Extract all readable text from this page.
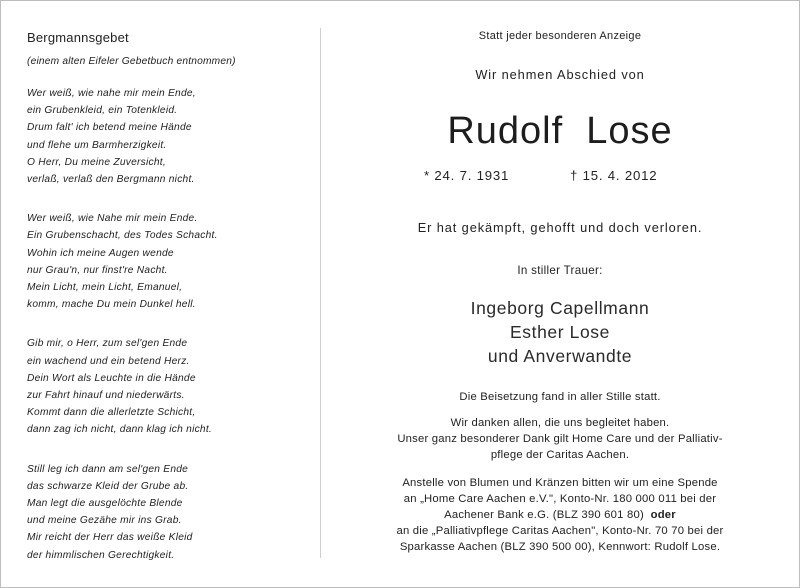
Bergmannsgebet
(einem alten Eifeler Gebetbuch entnommen)
Wer weiß, wie nahe mir mein Ende,
ein Grubenkleid, ein Totenkleid.
Drum falt' ich betend meine Hände
und flehe um Barmherzigkeit.
O Herr, Du meine Zuversicht,
verlaß, verlaß den Bergmann nicht.
Wer weiß, wie Nahe mir mein Ende.
Ein Grubenschacht, des Todes Schacht.
Wohin ich meine Augen wende
nur Grau'n, nur finst're Nacht.
Mein Licht, mein Licht, Emanuel,
komm, mache Du mein Dunkel hell.
Gib mir, o Herr, zum sel'gen Ende
ein wachend und ein betend Herz.
Dein Wort als Leuchte in die Hände
zur Fahrt hinauf und niederwärts.
Kommt dann die allerletzte Schicht,
dann zag ich nicht, dann klag ich nicht.
Still leg ich dann am sel'gen Ende
das schwarze Kleid der Grube ab.
Man legt die ausgelöchte Blende
und meine Gezähe mir ins Grab.
Mir reicht der Herr das weiße Kleid
der himmlischen Gerechtigkeit.
Statt jeder besonderen Anzeige
Wir nehmen Abschied von
Rudolf  Lose
* 24. 7. 1931	† 15. 4. 2012
Er hat gekämpft, gehofft und doch verloren.
In stiller Trauer:
Ingeborg Capellmann
Esther Lose
und Anverwandte
Die Beisetzung fand in aller Stille statt.
Wir danken allen, die uns begleitet haben.
Unser ganz besonderer Dank gilt Home Care und der Palliativ-
pflege der Caritas Aachen.
Anstelle von Blumen und Kränzen bitten wir um eine Spende
an „Home Care Aachen e.V.", Konto-Nr. 180 000 011 bei der
Aachener Bank e.G. (BLZ 390 601 80) oder
an die „Palliativpflege Caritas Aachen", Konto-Nr. 70 70 bei der
Sparkasse Aachen (BLZ 390 500 00), Kennwort: Rudolf Lose.
